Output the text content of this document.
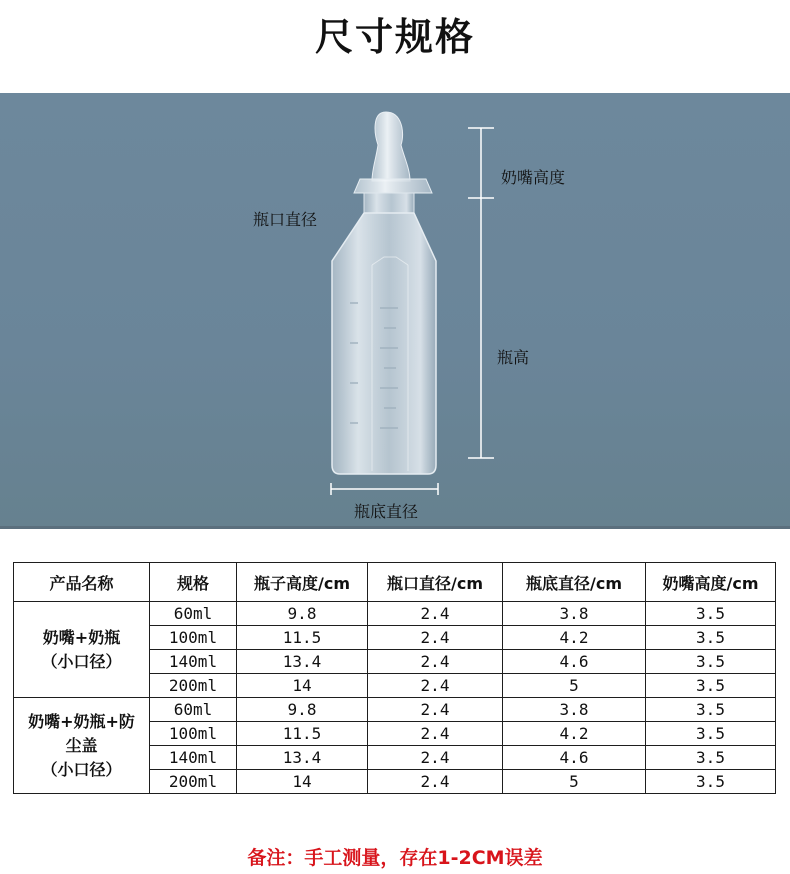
尺寸规格
奶嘴高度
瓶口直径
瓶高
瓶底直径
产品名称	规格	瓶子高度/cm	瓶口直径/cm	瓶底直径/cm	奶嘴高度/cm

奶嘴+奶瓶
（小口径）	60ml	9.8	2.4	3.8	3.5
	100ml	11.5	2.4	4.2	3.5
	140ml	13.4	2.4	4.6	3.5
	200ml	14	2.4	5	3.5

奶嘴+奶瓶+防
尘盖
（小口径）	60ml	9.8	2.4	3.8	3.5
	100ml	11.5	2.4	4.2	3.5
	140ml	13.4	2.4	4.6	3.5
	200ml	14	2.4	5	3.5
备注：手工测量，存在1-2CM误差
